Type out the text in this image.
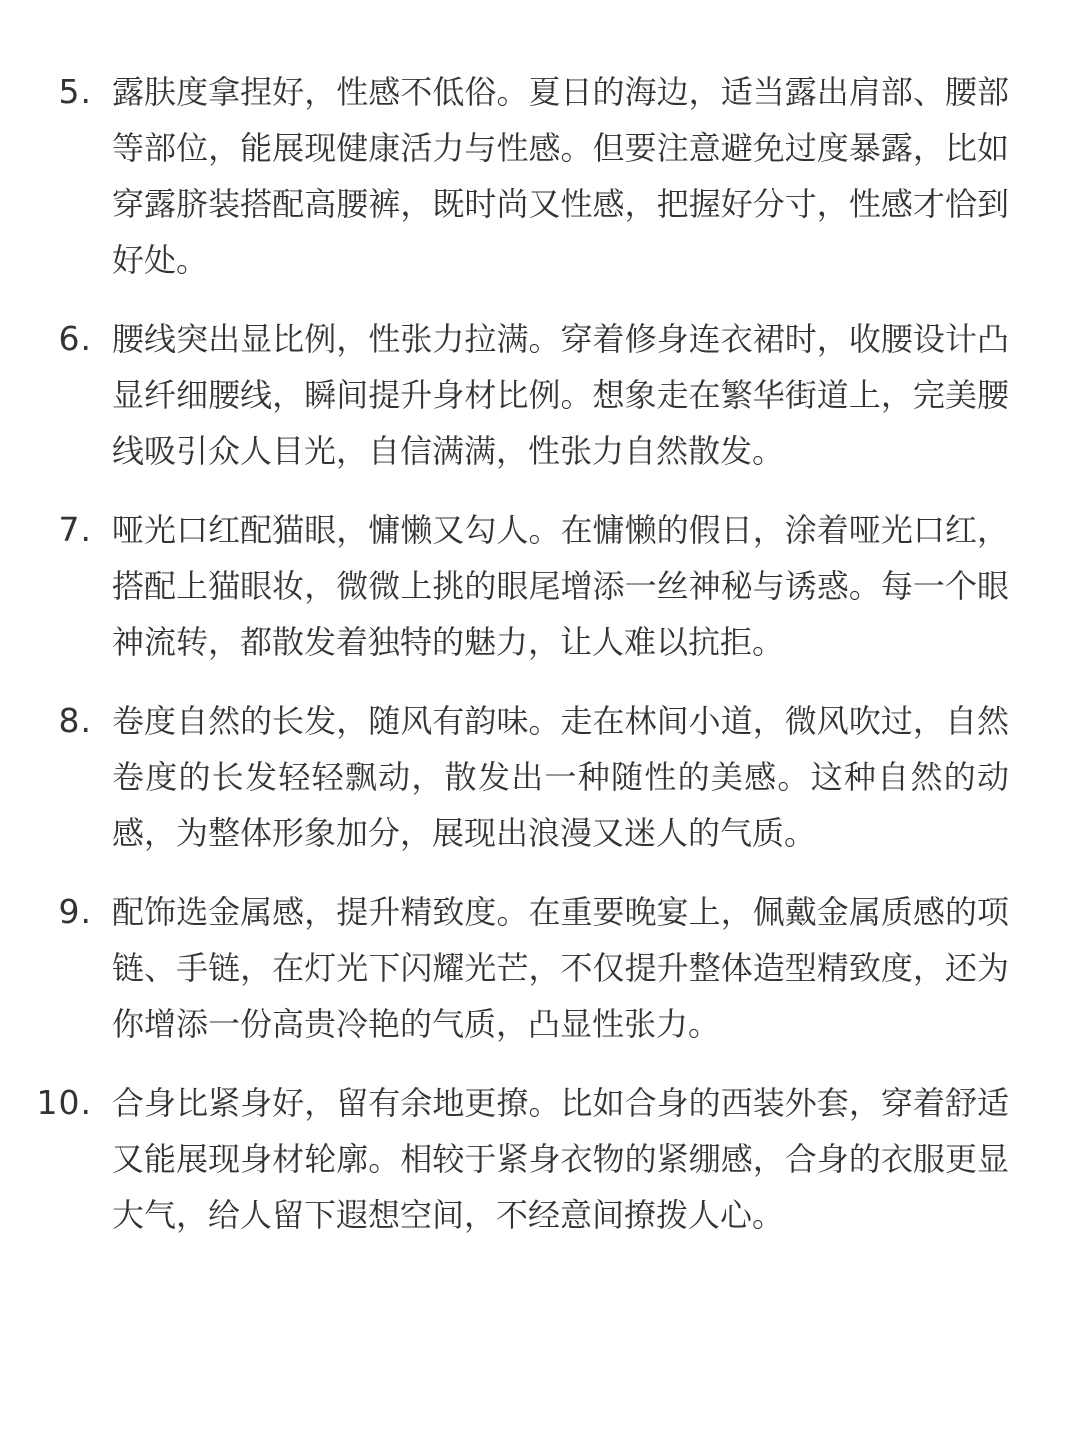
5. 露肤度拿捏好，性感不低俗。夏日的海边，适当露出肩部、腰部等部位，能展现健康活力与性感。但要注意避免过度暴露，比如穿露脐装搭配高腰裤，既时尚又性感，把握好分寸，性感才恰到好处。
6. 腰线突出显比例，性张力拉满。穿着修身连衣裙时，收腰设计凸显纤细腰线，瞬间提升身材比例。想象走在繁华街道上，完美腰线吸引众人目光，自信满满，性张力自然散发。
7. 哑光口红配猫眼，慵懒又勾人。在慵懒的假日，涂着哑光口红，搭配上猫眼妆，微微上挑的眼尾增添一丝神秘与诱惑。每一个眼神流转，都散发着独特的魅力，让人难以抗拒。
8. 卷度自然的长发，随风有韵味。走在林间小道，微风吹过，自然卷度的长发轻轻飘动，散发出一种随性的美感。这种自然的动感，为整体形象加分，展现出浪漫又迷人的气质。
9. 配饰选金属感，提升精致度。在重要晚宴上，佩戴金属质感的项链、手链，在灯光下闪耀光芒，不仅提升整体造型精致度，还为你增添一份高贵冷艳的气质，凸显性张力。
10. 合身比紧身好，留有余地更撩。比如合身的西装外套，穿着舒适又能展现身材轮廓。相较于紧身衣物的紧绷感，合身的衣服更显大气，给人留下遐想空间，不经意间撩拨人心。
